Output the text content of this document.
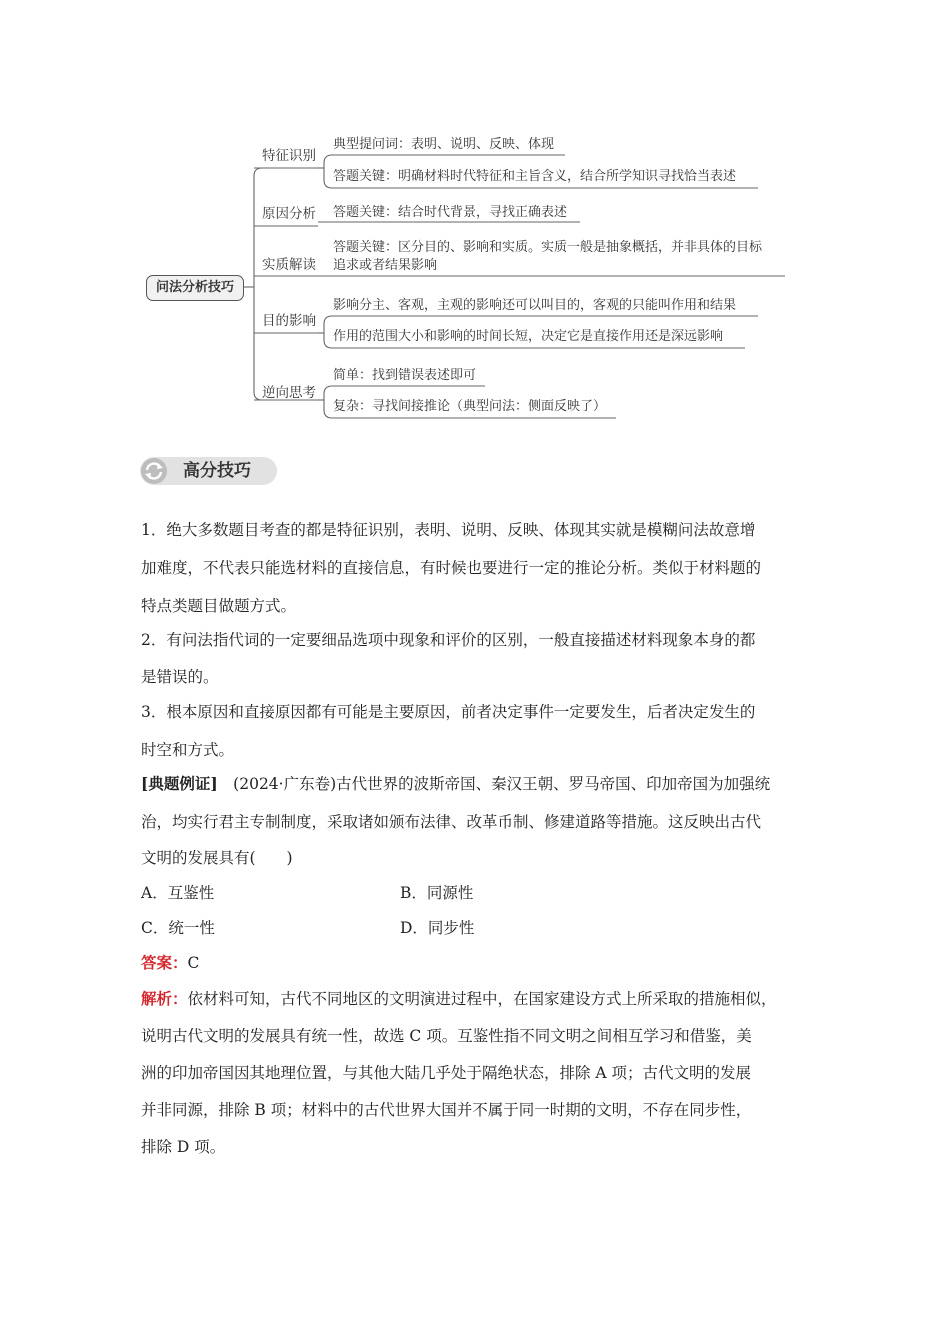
问法分析技巧
特征识别
典型提问词：表明、说明、反映、体现
答题关键：明确材料时代特征和主旨含义，结合所学知识寻找恰当表述
原因分析 答题关键：结合时代背景，寻找正确表述
实质解读
答题关键：区分目的、影响和实质。实质一般是抽象概括，并非具体的目标
追求或者结果影响
目的影响
影响分主、客观，主观的影响还可以叫目的，客观的只能叫作用和结果
作用的范围大小和影响的时间长短，决定它是直接作用还是深远影响
逆向思考
简单：找到错误表述即可
复杂：寻找间接推论（典型问法：侧面反映了）
高分技巧
1．绝大多数题目考查的都是特征识别，表明、说明、反映、体现其实就是模糊问法故意增
加难度，不代表只能选材料的直接信息，有时候也要进行一定的推论分析。类似于材料题的
特点类题目做题方式。
2．有问法指代词的一定要细品选项中现象和评价的区别，一般直接描述材料现象本身的都
是错误的。
3．根本原因和直接原因都有可能是主要原因，前者决定事件一定要发生，后者决定发生的
时空和方式。
[典题例证]　(2024·广东卷)古代世界的波斯帝国、秦汉王朝、罗马帝国、印加帝国为加强统
治，均实行君主专制制度，采取诸如颁布法律、改革币制、修建道路等措施。这反映出古代
文明的发展具有(　　)
A．互鉴性	B．同源性
C．统一性	D．同步性
答案：C
解析：依材料可知，古代不同地区的文明演进过程中，在国家建设方式上所采取的措施相似，
说明古代文明的发展具有统一性，故选 C 项。互鉴性指不同文明之间相互学习和借鉴，美
洲的印加帝国因其地理位置，与其他大陆几乎处于隔绝状态，排除 A 项；古代文明的发展
并非同源，排除 B 项；材料中的古代世界大国并不属于同一时期的文明，不存在同步性，
排除 D 项。
